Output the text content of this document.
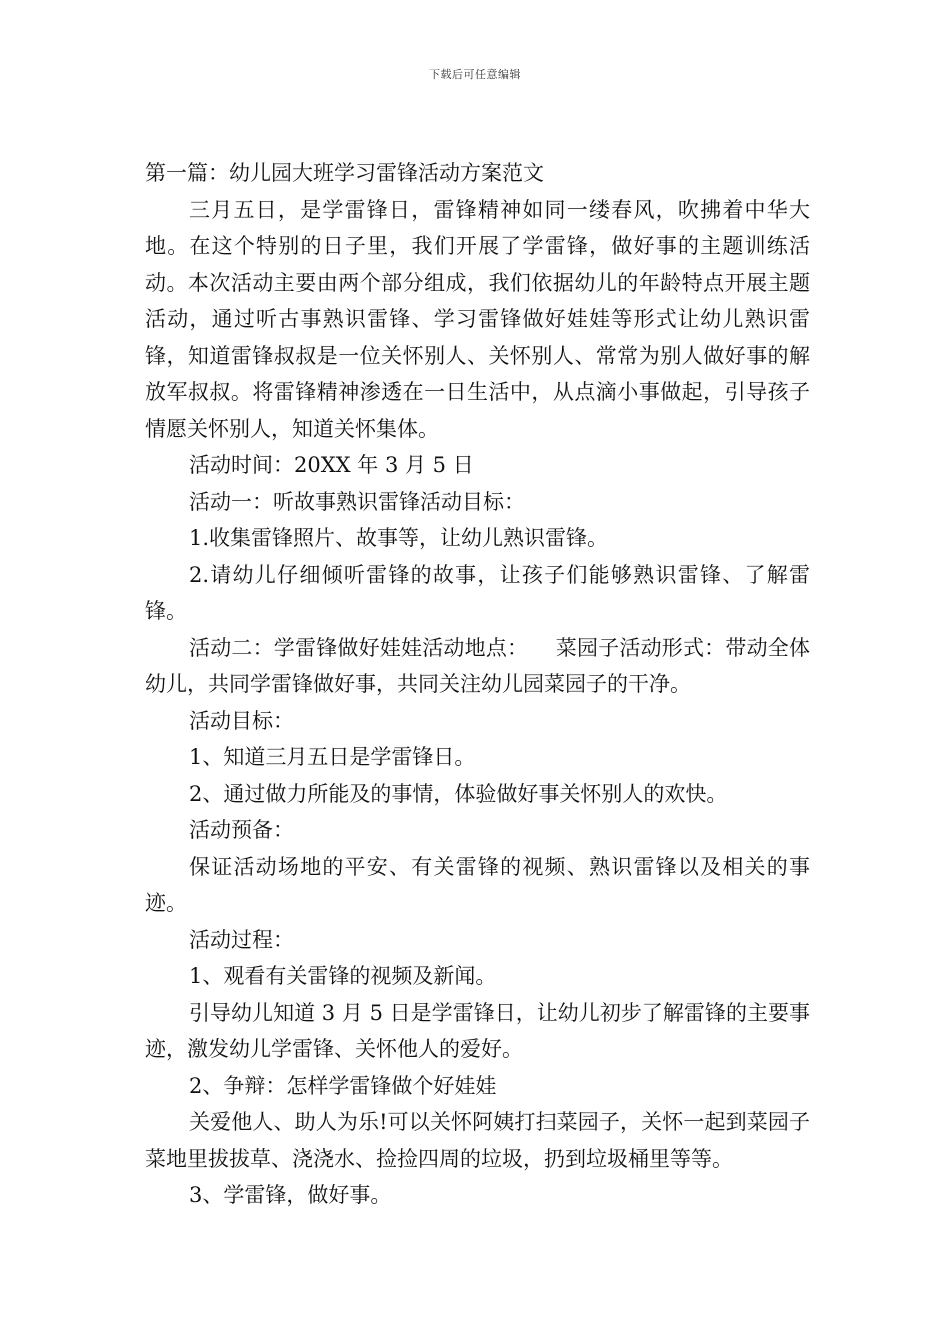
下载后可任意编辑

第一篇：幼儿园大班学习雷锋活动方案范文

三月五日，是学雷锋日，雷锋精神如同一缕春风，吹拂着中华大地。在这个特别的日子里，我们开展了学雷锋，做好事的主题训练活动。本次活动主要由两个部分组成，我们依据幼儿的年龄特点开展主题活动，通过听古事熟识雷锋、学习雷锋做好娃娃等形式让幼儿熟识雷锋，知道雷锋叔叔是一位关怀别人、关怀别人、常常为别人做好事的解放军叔叔。将雷锋精神渗透在一日生活中，从点滴小事做起，引导孩子情愿关怀别人，知道关怀集体。

活动时间：20XX 年 3 月 5 日

活动一：听故事熟识雷锋活动目标：

1.收集雷锋照片、故事等，让幼儿熟识雷锋。

2.请幼儿仔细倾听雷锋的故事，让孩子们能够熟识雷锋、了解雷锋。

活动二：学雷锋做好娃娃活动地点：    菜园子活动形式：带动全体幼儿，共同学雷锋做好事，共同关注幼儿园菜园子的干净。

活动目标：

1、知道三月五日是学雷锋日。

2、通过做力所能及的事情，体验做好事关怀别人的欢快。

活动预备：

保证活动场地的平安、有关雷锋的视频、熟识雷锋以及相关的事迹。

活动过程：

1、观看有关雷锋的视频及新闻。

引导幼儿知道 3 月 5 日是学雷锋日，让幼儿初步了解雷锋的主要事迹，激发幼儿学雷锋、关怀他人的爱好。

2、争辩：怎样学雷锋做个好娃娃

关爱他人、助人为乐!可以关怀阿姨打扫菜园子，关怀一起到菜园子菜地里拔拔草、浇浇水、捡捡四周的垃圾，扔到垃圾桶里等等。

3、学雷锋，做好事。
